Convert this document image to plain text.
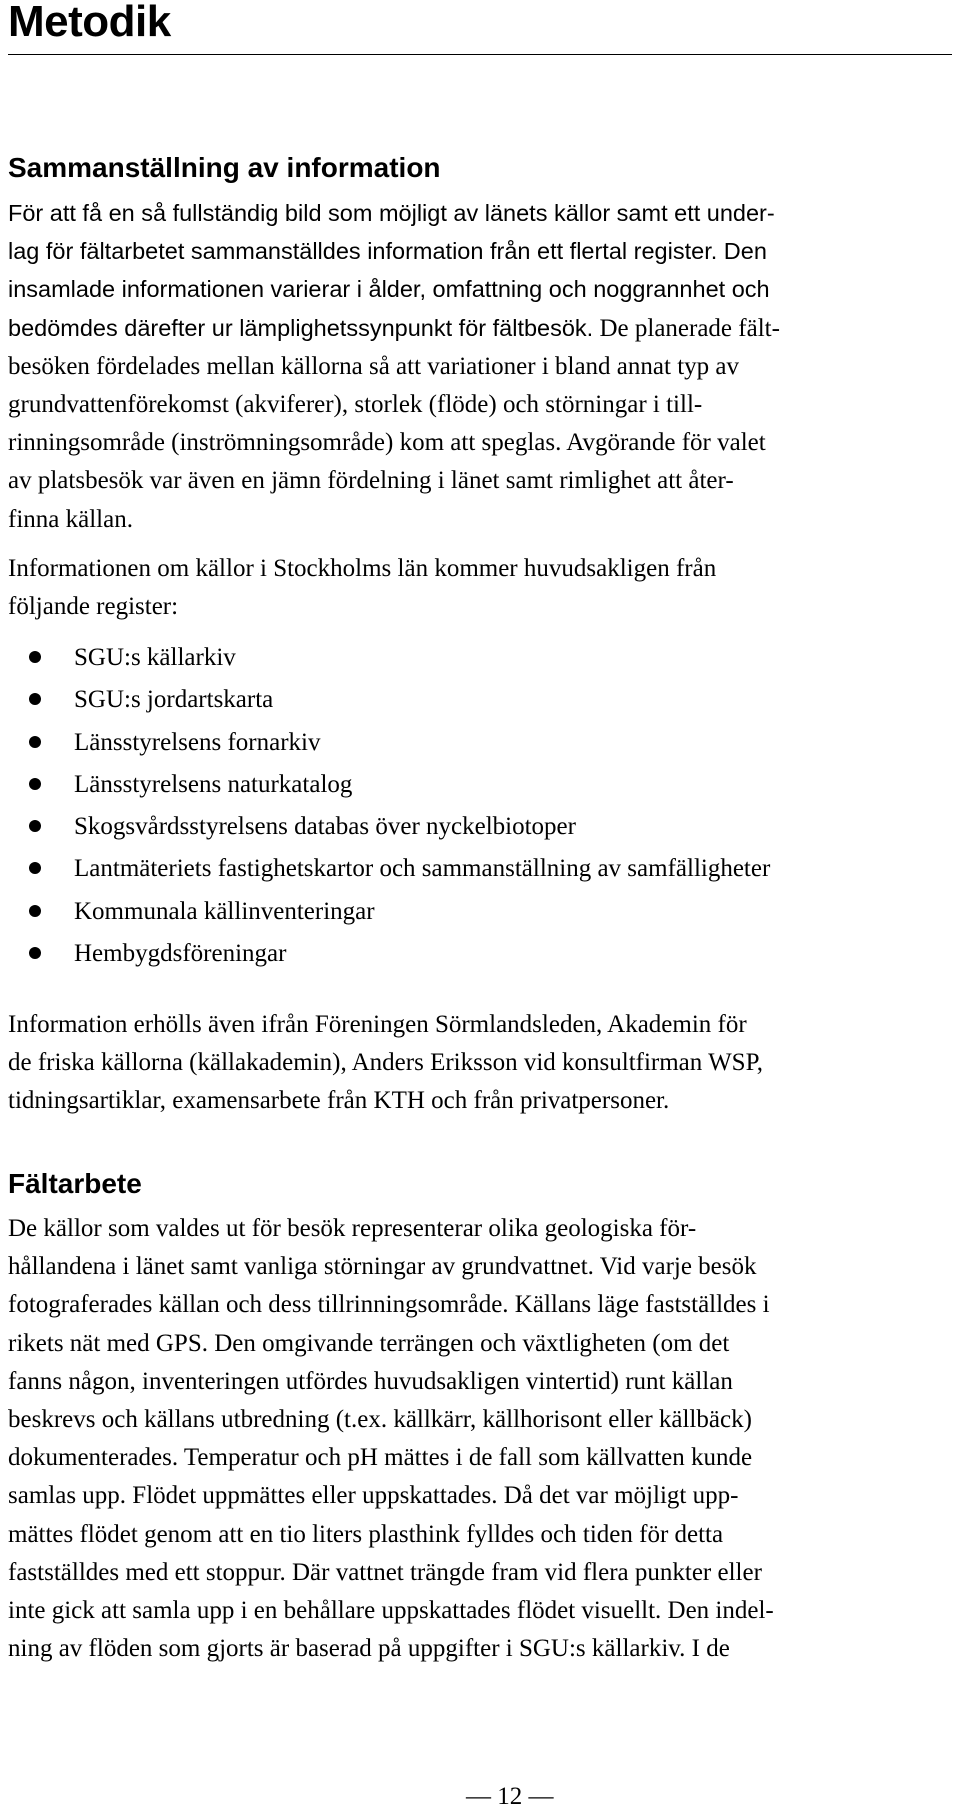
Metodik
Sammanställning av information

För att få en så fullständig bild som möjligt av länets källor samt ett under-
lag för fältarbetet sammanställdes information från ett flertal register. Den
insamlade informationen varierar i ålder, omfattning och noggrannhet och
bedömdes därefter ur lämplighetssynpunkt för fältbesök. De planerade fält-
besöken fördelades mellan källorna så att variationer i bland annat typ av
grundvattenförekomst (akviferer), storlek (flöde) och störningar i till-
rinningsområde (inströmningsområde) kom att speglas. Avgörande för valet
av platsbesök var även en jämn fördelning i länet samt rimlighet att åter-
finna källan.

Informationen om källor i Stockholms län kommer huvudsakligen från
följande register:

SGU:s källarkiv
SGU:s jordartskarta
Länsstyrelsens fornarkiv
Länsstyrelsens naturkatalog
Skogsvårdsstyrelsens databas över nyckelbiotoper
Lantmäteriets fastighetskartor och sammanställning av samfälligheter
Kommunala källinventeringar
Hembygdsföreningar

Information erhölls även ifrån Föreningen Sörmlandsleden, Akademin för
de friska källorna (källakademin), Anders Eriksson vid konsultfirman WSP,
tidningsartiklar, examensarbete från KTH och från privatpersoner.

Fältarbete

De källor som valdes ut för besök representerar olika geologiska för-
hållandena i länet samt vanliga störningar av grundvattnet. Vid varje besök
fotograferades källan och dess tillrinningsområde. Källans läge fastställdes i
rikets nät med GPS. Den omgivande terrängen och växtligheten (om det
fanns någon, inventeringen utfördes huvudsakligen vintertid) runt källan
beskrevs och källans utbredning (t.ex. källkärr, källhorisont eller källbäck)
dokumenterades. Temperatur och pH mättes i de fall som källvatten kunde
samlas upp. Flödet uppmättes eller uppskattades. Då det var möjligt upp-
mättes flödet genom att en tio liters plasthink fylldes och tiden för detta
fastställdes med ett stoppur. Där vattnet trängde fram vid flera punkter eller
inte gick att samla upp i en behållare uppskattades flödet visuellt. Den indel-
ning av flöden som gjorts är baserad på uppgifter i SGU:s källarkiv. I de

— 12 —
